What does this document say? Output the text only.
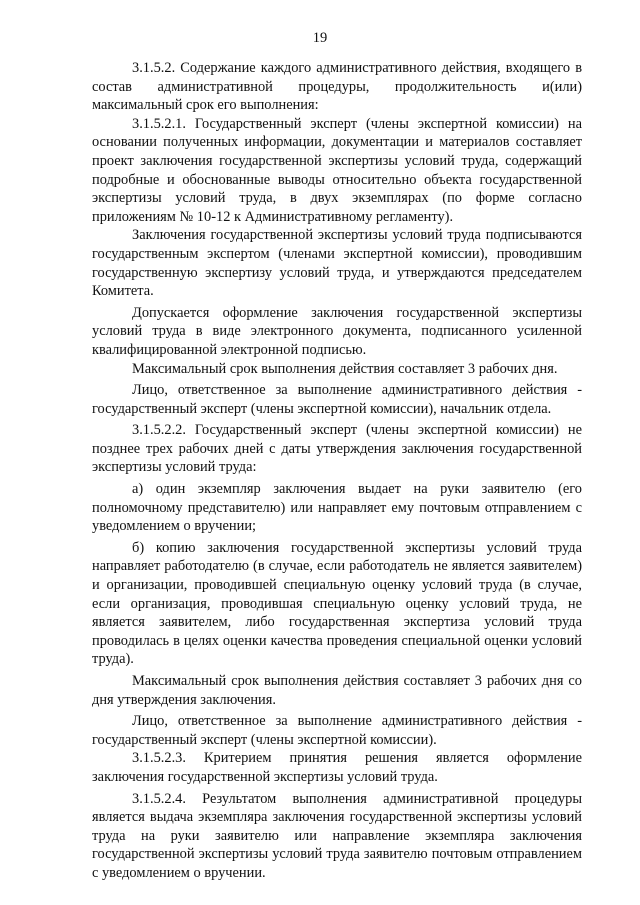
19

3.1.5.2. Содержание каждого административного действия, входящего в состав административной процедуры, продолжительность и(или) максимальный срок его выполнения:

3.1.5.2.1. Государственный эксперт (члены экспертной комиссии) на основании полученных информации, документации и материалов составляет проект заключения государственной экспертизы условий труда, содержащий подробные и обоснованные выводы относительно объекта государственной экспертизы условий труда, в двух экземплярах (по форме согласно приложениям № 10-12 к Административному регламенту).

Заключения государственной экспертизы условий труда подписываются государственным экспертом (членами экспертной комиссии), проводившим государственную экспертизу условий труда, и утверждаются председателем Комитета.

Допускается оформление заключения государственной экспертизы условий труда в виде электронного документа, подписанного усиленной квалифицированной электронной подписью.

Максимальный срок выполнения действия составляет 3 рабочих дня.

Лицо, ответственное за выполнение административного действия - государственный эксперт (члены экспертной комиссии), начальник отдела.

3.1.5.2.2. Государственный эксперт (члены экспертной комиссии) не позднее трех рабочих дней с даты утверждения заключения государственной экспертизы условий труда:

а) один экземпляр заключения выдает на руки заявителю (его полномочному представителю) или направляет ему почтовым отправлением с уведомлением о вручении;

б) копию заключения государственной экспертизы условий труда направляет работодателю (в случае, если работодатель не является заявителем) и организации, проводившей специальную оценку условий труда (в случае, если организация, проводившая специальную оценку условий труда, не является заявителем, либо государственная экспертиза условий труда проводилась в целях оценки качества проведения специальной оценки условий труда).

Максимальный срок выполнения действия составляет 3 рабочих дня со дня утверждения заключения.

Лицо, ответственное за выполнение административного действия - государственный эксперт (члены экспертной комиссии).

3.1.5.2.3. Критерием принятия решения является оформление заключения государственной экспертизы условий труда.

3.1.5.2.4. Результатом выполнения административной процедуры является выдача экземпляра заключения государственной экспертизы условий труда на руки заявителю или направление экземпляра заключения государственной экспертизы условий труда заявителю почтовым отправлением с уведомлением о вручении.
